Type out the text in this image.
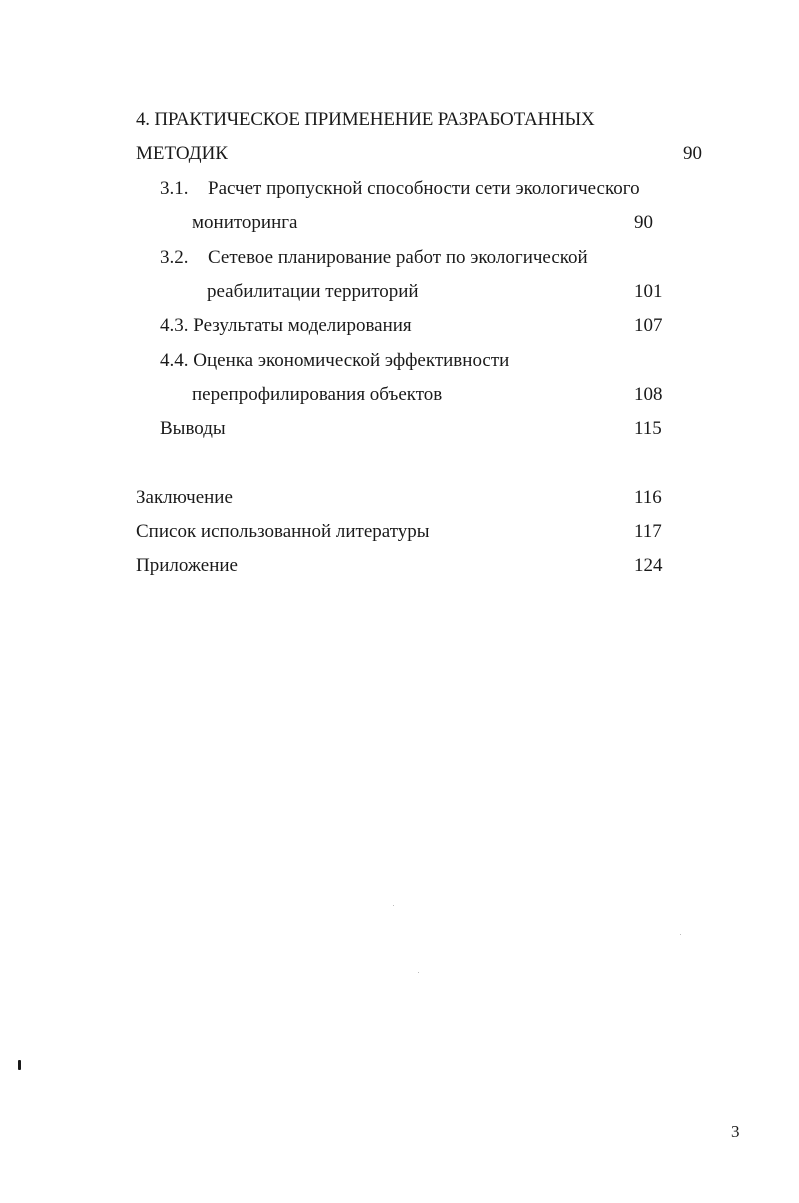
4. ПРАКТИЧЕСКОЕ ПРИМЕНЕНИЕ РАЗРАБОТАННЫХ
МЕТОДИК	90
3.1. Расчет пропускной способности сети экологического
мониторинга	90
3.2. Сетевое планирование работ по экологической
реабилитации территорий	101
4.3. Результаты моделирования	107
4.4. Оценка экономической эффективности
перепрофилирования объектов	108
Выводы	115
Заключение	116
Список использованной литературы	117
Приложение	124
3
